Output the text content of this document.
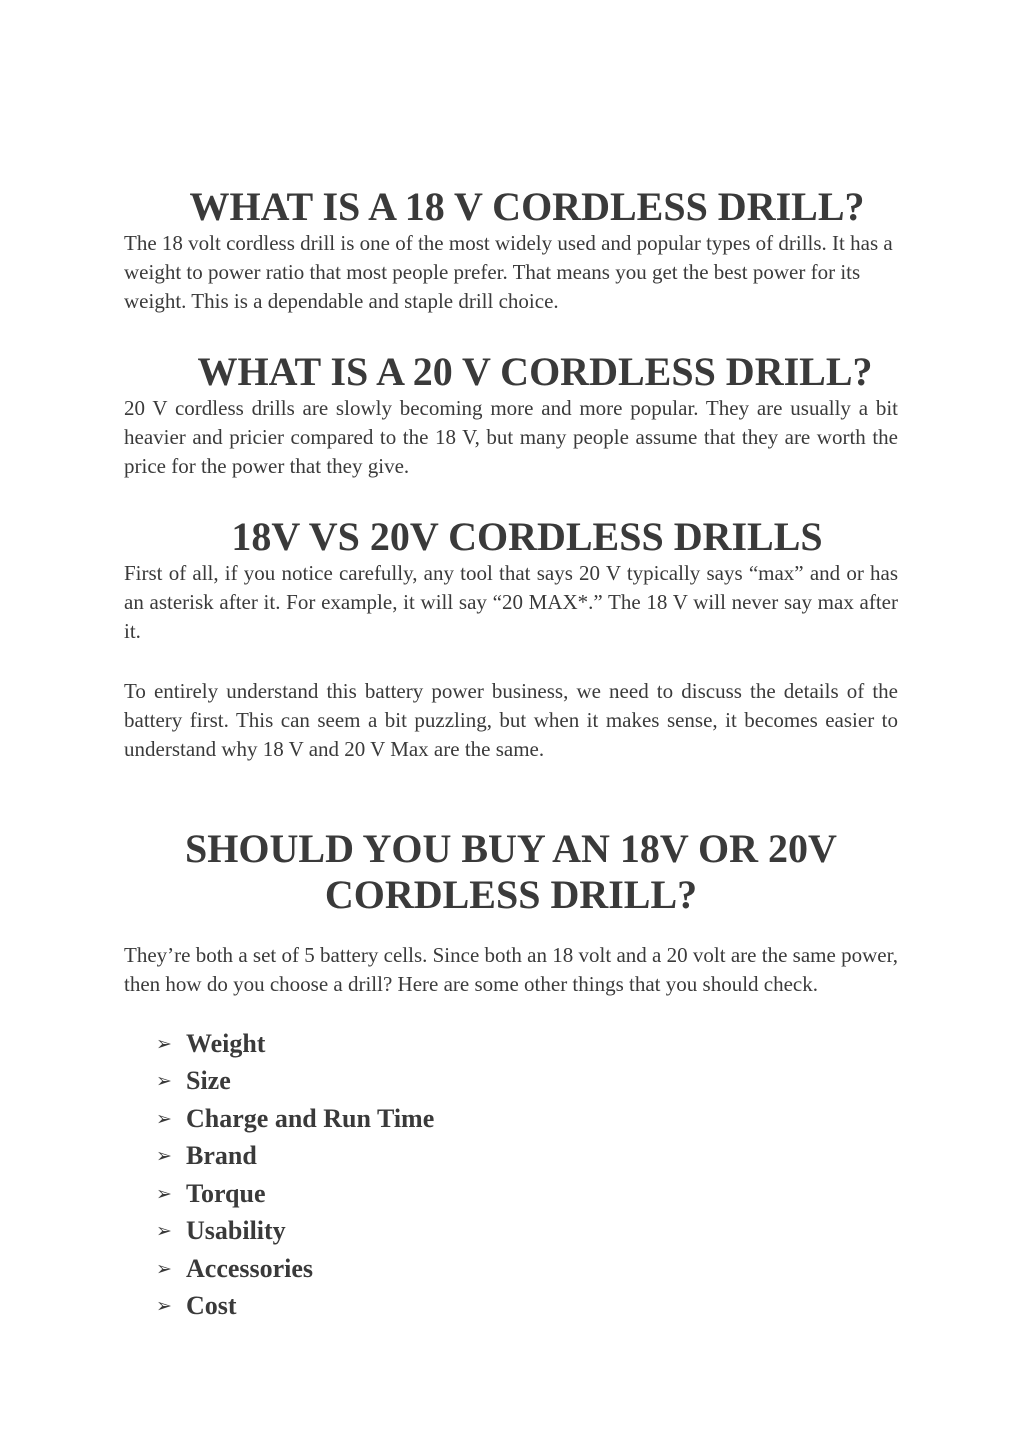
WHAT IS A 18 V CORDLESS DRILL?

The 18 volt cordless drill is one of the most widely used and popular types of drills. It has a weight to power ratio that most people prefer. That means you get the best power for its weight. This is a dependable and staple drill choice.

WHAT IS A 20 V CORDLESS DRILL?

20 V cordless drills are slowly becoming more and more popular. They are usually a bit heavier and pricier compared to the 18 V, but many people assume that they are worth the price for the power that they give.

18V VS 20V CORDLESS DRILLS

First of all, if you notice carefully, any tool that says 20 V typically says “max” and or has an asterisk after it. For example, it will say “20 MAX*.” The 18 V will never say max after it.

To entirely understand this battery power business, we need to discuss the details of the battery first. This can seem a bit puzzling, but when it makes sense, it becomes easier to understand why 18 V and 20 V Max are the same.

SHOULD YOU BUY AN 18V OR 20V CORDLESS DRILL?

They’re both a set of 5 battery cells. Since both an 18 volt and a 20 volt are the same power, then how do you choose a drill? Here are some other things that you should check.

➢ Weight
➢ Size
➢ Charge and Run Time
➢ Brand
➢ Torque
➢ Usability
➢ Accessories
➢ Cost
